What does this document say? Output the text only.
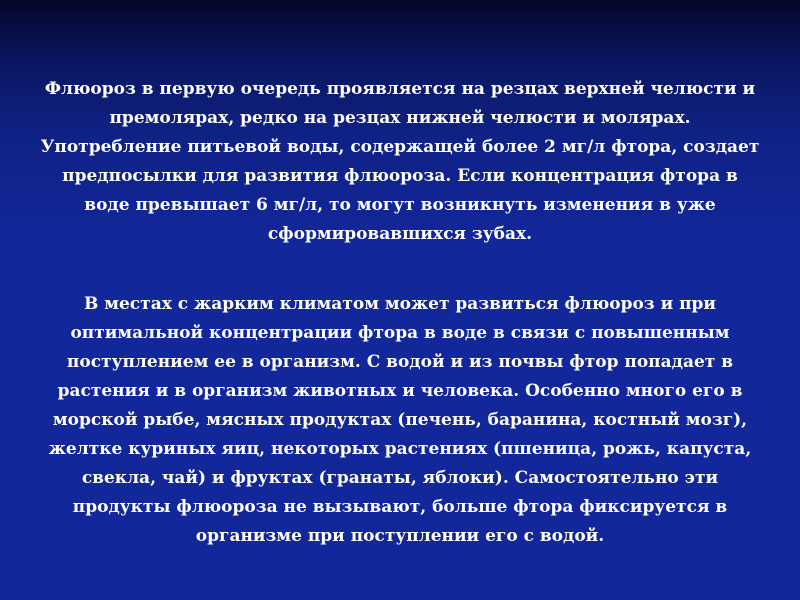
Флюороз в первую очередь проявляется на резцах верхней челюсти и премолярах, редко на резцах нижней челюсти и молярах. Употребление питьевой воды, содержащей более 2 мг/л фтора, создает предпосылки для развития флюороза. Если концентрация фтора в воде превышает 6 мг/л, то могут возникнуть изменения в уже сформировавшихся зубах.
В местах с жарким климатом может развиться флюороз и при оптимальной концентрации фтора в воде в связи с повышенным поступлением ее в организм. С водой и из почвы фтор попадает в растения и в организм животных и человека. Особенно много его в морской рыбе, мясных продуктах (печень, баранина, костный мозг), желтке куриных яиц, некоторых растениях (пшеница, рожь, капуста, свекла, чай) и фруктах (гранаты, яблоки). Самостоятельно эти продукты флюороза не вызывают, больше фтора фиксируется в организме при поступлении его с водой.
